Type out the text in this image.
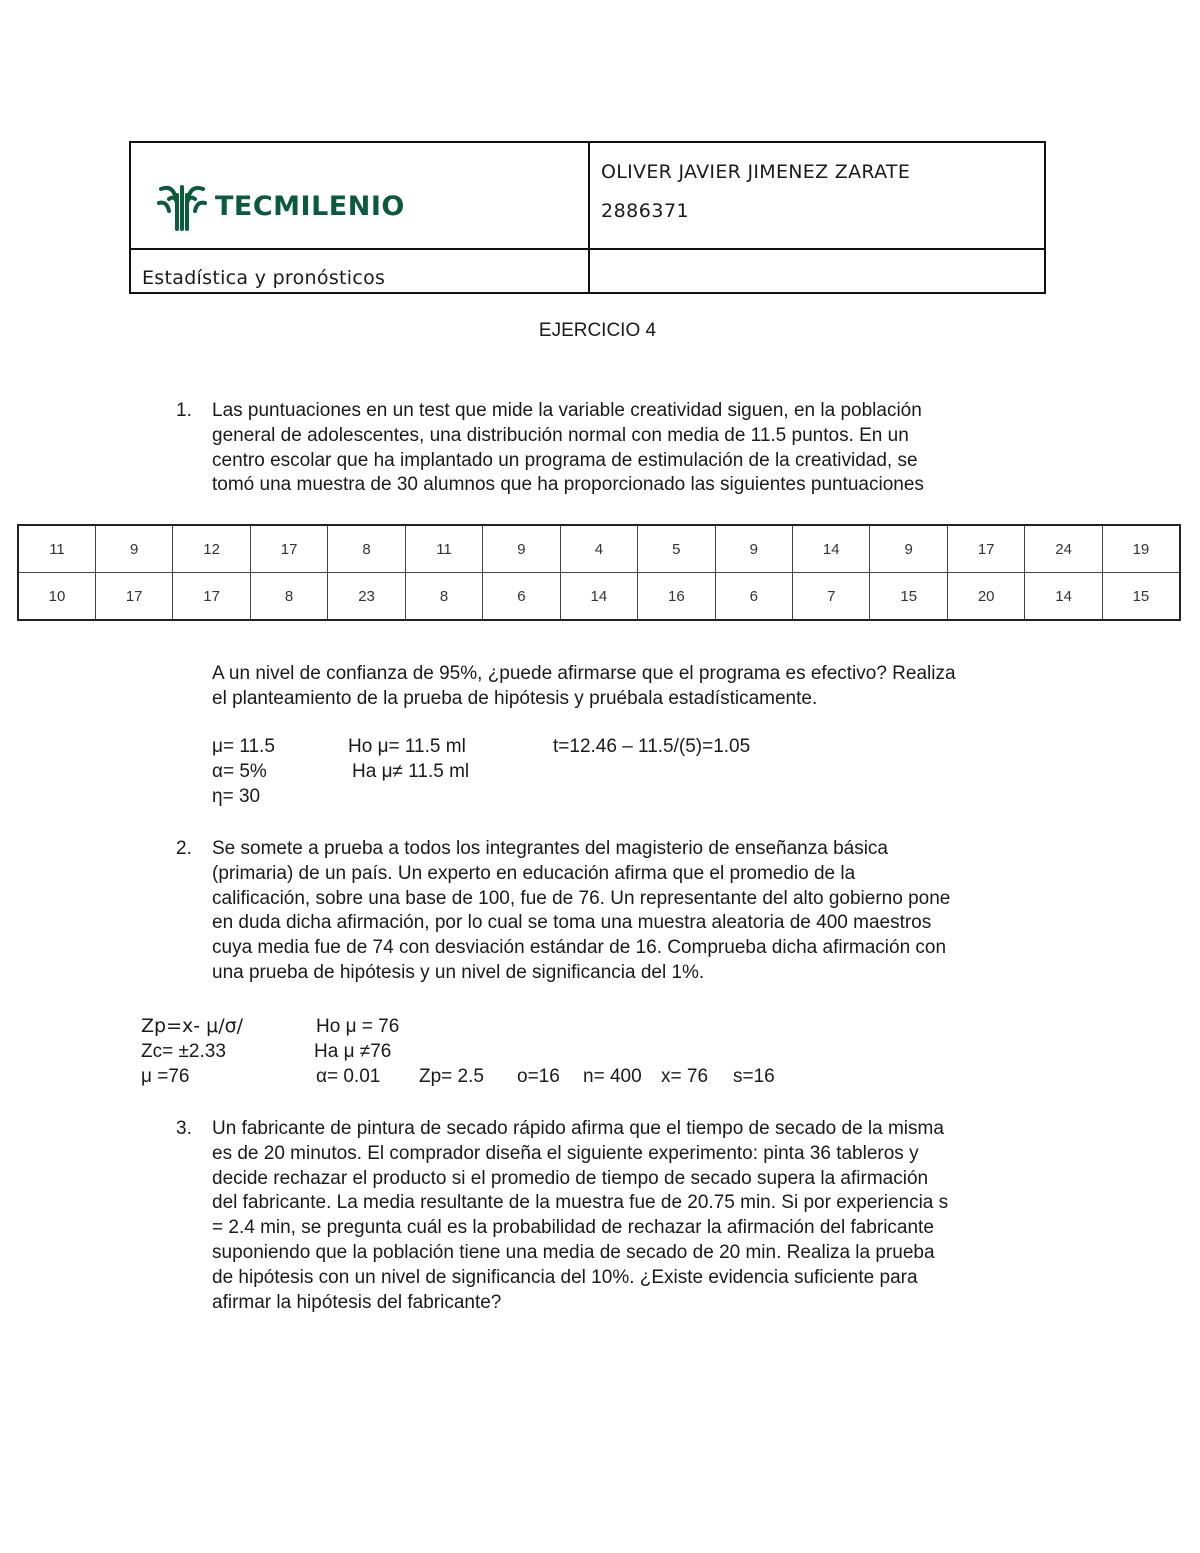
TECMILENIO	OLIVER JAVIER JIMENEZ ZARATE
2886371

Estadística y pronósticos	

EJERCICIO 4
1. Las puntuaciones en un test que mide la variable creatividad siguen, en la población
general de adolescentes, una distribución normal con media de 11.5 puntos. En un
centro escolar que ha implantado un programa de estimulación de la creatividad, se
tomó una muestra de 30 alumnos que ha proporcionado las siguientes puntuaciones
11	9	12	17	8	11	9	4	5	9	14	9	17	24	19
10	17	17	8	23	8	6	14	16	6	7	15	20	14	15
A un nivel de confianza de 95%, ¿puede afirmarse que el programa es efectivo? Realiza
el planteamiento de la prueba de hipótesis y pruébala estadísticamente.
μ= 11.5	Ho μ= 11.5 ml	t=12.46 – 11.5/(5)=1.05
α= 5%	Ha μ≠ 11.5 ml
η= 30
2. Se somete a prueba a todos los integrantes del magisterio de enseñanza básica
(primaria) de un país. Un experto en educación afirma que el promedio de la
calificación, sobre una base de 100, fue de 76. Un representante del alto gobierno pone
en duda dicha afirmación, por lo cual se toma una muestra aleatoria de 400 maestros
cuya media fue de 74 con desviación estándar de 16. Comprueba dicha afirmación con
una prueba de hipótesis y un nivel de significancia del 1%.
Zp=x- μ/σ/	Ho μ = 76
Zc= ±2.33	Ha μ ≠76
μ =76	α= 0.01 Zp= 2.5 o=16 n= 400 x= 76 s=16
3. Un fabricante de pintura de secado rápido afirma que el tiempo de secado de la misma
es de 20 minutos. El comprador diseña el siguiente experimento: pinta 36 tableros y
decide rechazar el producto si el promedio de tiempo de secado supera la afirmación
del fabricante. La media resultante de la muestra fue de 20.75 min. Si por experiencia s
= 2.4 min, se pregunta cuál es la probabilidad de rechazar la afirmación del fabricante
suponiendo que la población tiene una media de secado de 20 min. Realiza la prueba
de hipótesis con un nivel de significancia del 10%. ¿Existe evidencia suficiente para
afirmar la hipótesis del fabricante?
